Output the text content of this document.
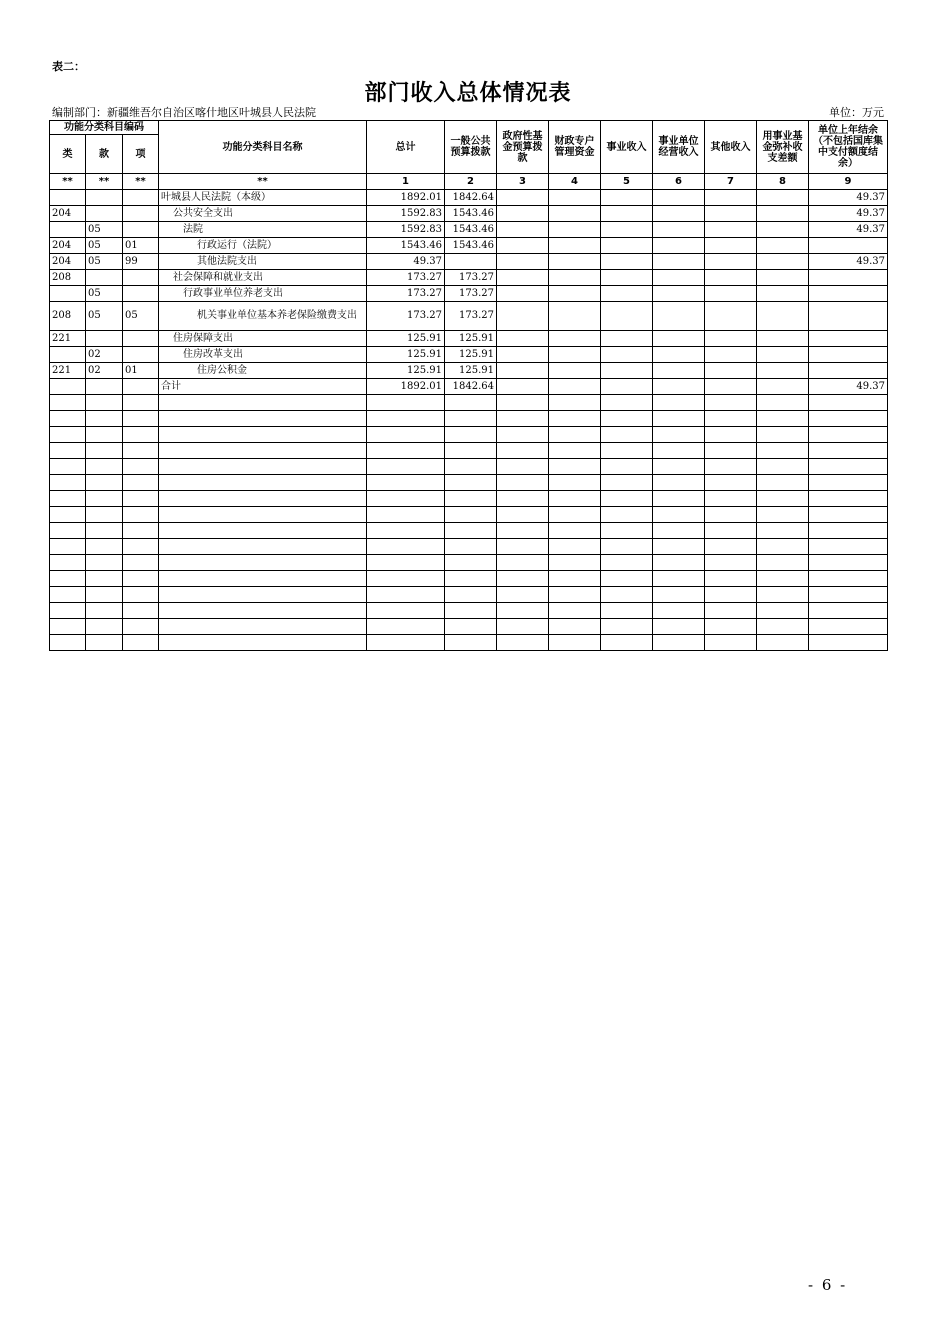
表二：
部门收入总体情况表
编制部门：新疆维吾尔自治区喀什地区叶城县人民法院	单位：万元
功能分类科目编码			功能分类科目名称	总计	一般公共预算拨款	政府性基金预算拨款	财政专户管理资金	事业收入	事业单位经营收入	其他收入	用事业基金弥补收支差额	单位上年结余（不包括国库集中支付额度结余）
类	款	项										
**	**	**	**	1	2	3	4	5	6	7	8	9
			叶城县人民法院（本级）	1892.01	1842.64							49.37
204			公共安全支出	1592.83	1543.46							49.37
	05		法院	1592.83	1543.46							49.37
204	05	01	行政运行（法院）	1543.46	1543.46							
204	05	99	其他法院支出	49.37								49.37
208			社会保障和就业支出	173.27	173.27							
	05		行政事业单位养老支出	173.27	173.27							
208	05	05	机关事业单位基本养老保险缴费支出	173.27	173.27							
221			住房保障支出	125.91	125.91							
	02		住房改革支出	125.91	125.91							
221	02	01	住房公积金	125.91	125.91							
			合计	1892.01	1842.64							49.37

- 6 -
